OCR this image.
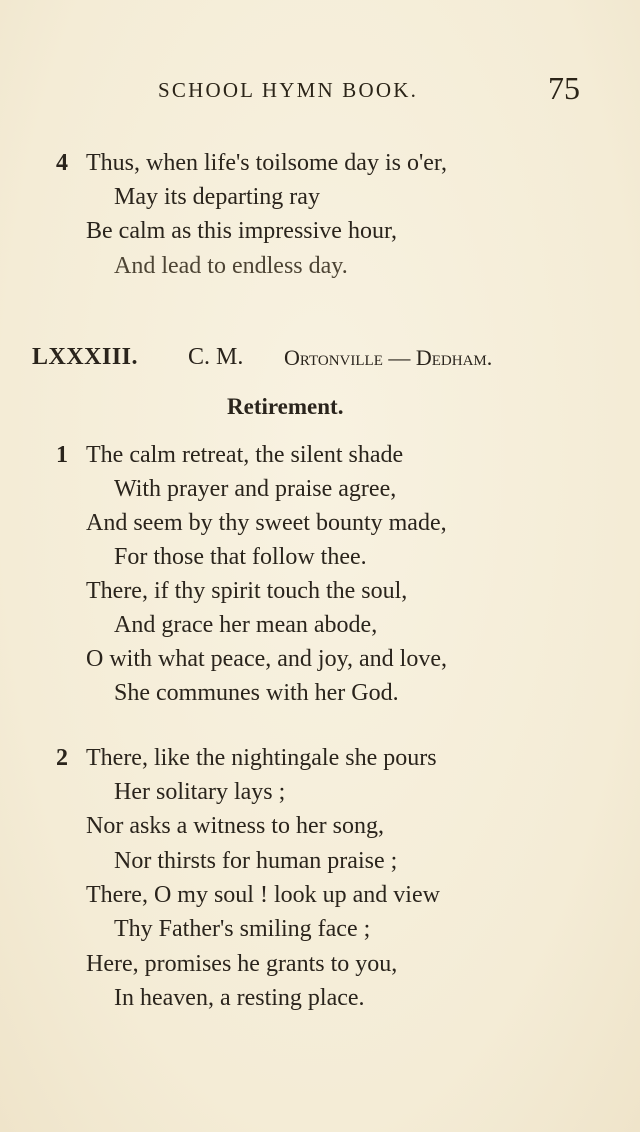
SCHOOL HYMN BOOK.	75
4 Thus, when life's toilsome day is o'er,
May its departing ray
Be calm as this impressive hour,
And lead to endless day.
LXXXIII. C. M. Ortonville — Dedham.
Retirement.
1 The calm retreat, the silent shade
With prayer and praise agree,
And seem by thy sweet bounty made,
For those that follow thee.
There, if thy spirit touch the soul,
And grace her mean abode,
O with what peace, and joy, and love,
She communes with her God.
2 There, like the nightingale she pours
Her solitary lays ;
Nor asks a witness to her song,
Nor thirsts for human praise ;
There, O my soul ! look up and view
Thy Father's smiling face ;
Here, promises he grants to you,
In heaven, a resting place.
